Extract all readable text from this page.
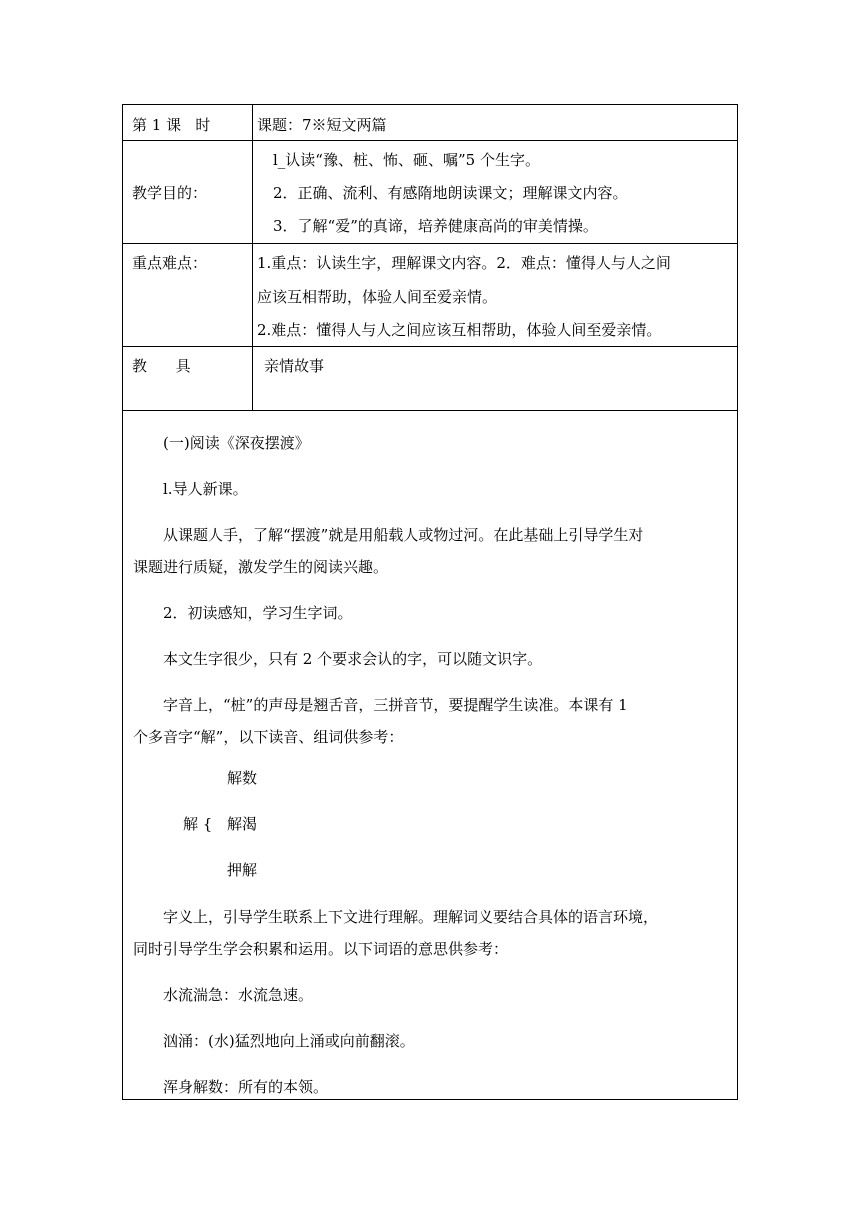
第 1 课   时	课题：7※短文两篇
教学目的：
l_认读“豫、桩、怖、砸、嘱”5 个生字。
2．正确、流利、有感隋地朗读课文；理解课文内容。
3．了解“爱”的真谛，培养健康高尚的审美情操。
重点难点：	1.重点：认读生字，理解课文内容。2．难点：懂得人与人之间
应该互相帮助，体验人间至爱亲情。
2.难点：懂得人与人之间应该互相帮助，体验人间至爱亲情。
教      具	亲情故事
(一)阅读《深夜摆渡》
l.导人新课。
从课题人手，了解“摆渡”就是用船载人或物过河。在此基础上引导学生对
课题进行质疑，激发学生的阅读兴趣。
2．初读感知，学习生字词。
本文生字很少，只有 2 个要求会认的字，可以随文识字。
字音上，“桩”的声母是翘舌音，三拼音节，要提醒学生读准。本课有 1
个多音字“解”，以下读音、组词供参考：
解数
解 { 解渴
押解
字义上，引导学生联系上下文进行理解。理解词义要结合具体的语言环境，
同时引导学生学会积累和运用。以下词语的意思供参考：
水流湍急：水流急速。
汹涌：(水)猛烈地向上涌或向前翻滚。
浑身解数：所有的本领。
